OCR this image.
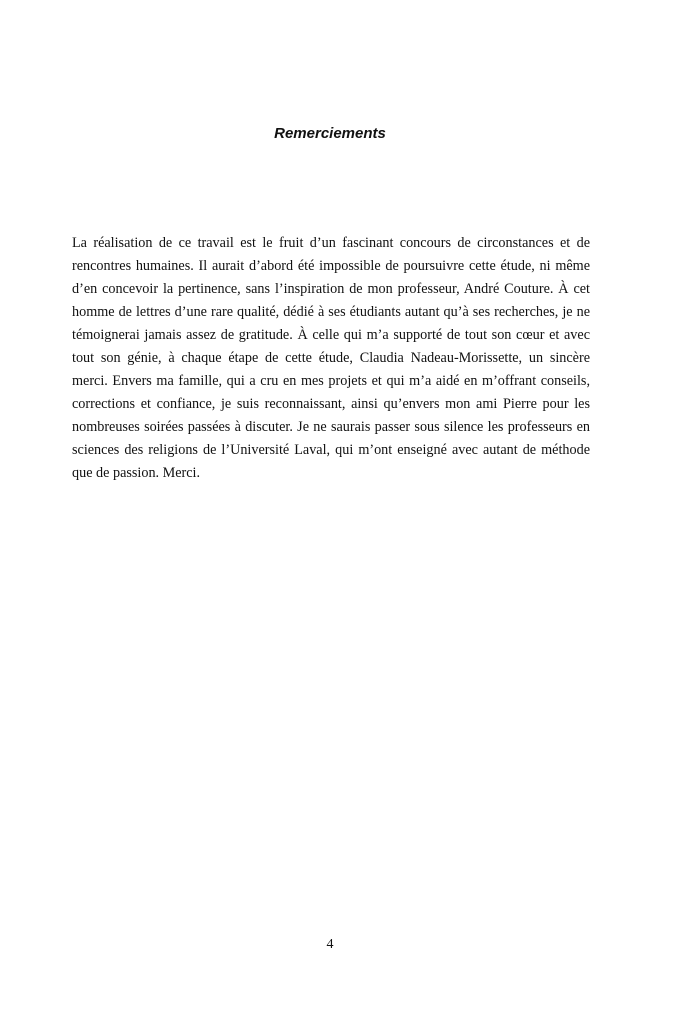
Remerciements

La réalisation de ce travail est le fruit d’un fascinant concours de circonstances et de rencontres humaines. Il aurait d’abord été impossible de poursuivre cette étude, ni même d’en concevoir la pertinence, sans l’inspiration de mon professeur, André Couture. À cet homme de lettres d’une rare qualité, dédié à ses étudiants autant qu’à ses recherches, je ne témoignerai jamais assez de gratitude. À celle qui m’a supporté de tout son cœur et avec tout son génie, à chaque étape de cette étude, Claudia Nadeau-Morissette, un sincère merci. Envers ma famille, qui a cru en mes projets et qui m’a aidé en m’offrant conseils, corrections et confiance, je suis reconnaissant, ainsi qu’envers mon ami Pierre pour les nombreuses soirées passées à discuter. Je ne saurais passer sous silence les professeurs en sciences des religions de l’Université Laval, qui m’ont enseigné avec autant de méthode que de passion. Merci.

4
